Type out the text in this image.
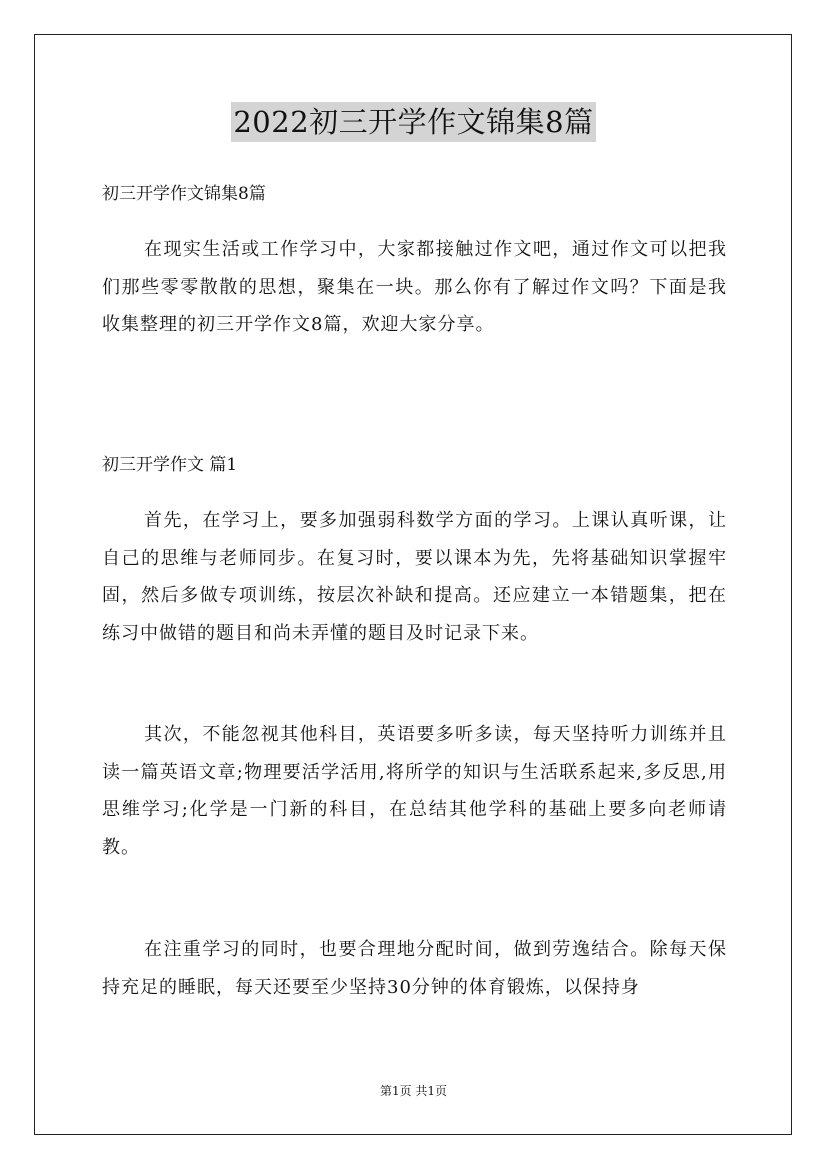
2022初三开学作文锦集8篇
初三开学作文锦集8篇

在现实生活或工作学习中，大家都接触过作文吧，通过作文可以把我们那些零零散散的思想，聚集在一块。那么你有了解过作文吗？下面是我收集整理的初三开学作文8篇，欢迎大家分享。

初三开学作文 篇1

首先，在学习上，要多加强弱科数学方面的学习。上课认真听课，让自己的思维与老师同步。在复习时，要以课本为先，先将基础知识掌握牢固，然后多做专项训练，按层次补缺和提高。还应建立一本错题集，把在练习中做错的题目和尚未弄懂的题目及时记录下来。

其次，不能忽视其他科目，英语要多听多读，每天坚持听力训练并且读一篇英语文章;物理要活学活用,将所学的知识与生活联系起来,多反思,用思维学习;化学是一门新的科目，在总结其他学科的基础上要多向老师请教。

在注重学习的同时，也要合理地分配时间，做到劳逸结合。除每天保持充足的睡眠，每天还要至少坚持30分钟的体育锻炼，以保持身

第1页 共1页
